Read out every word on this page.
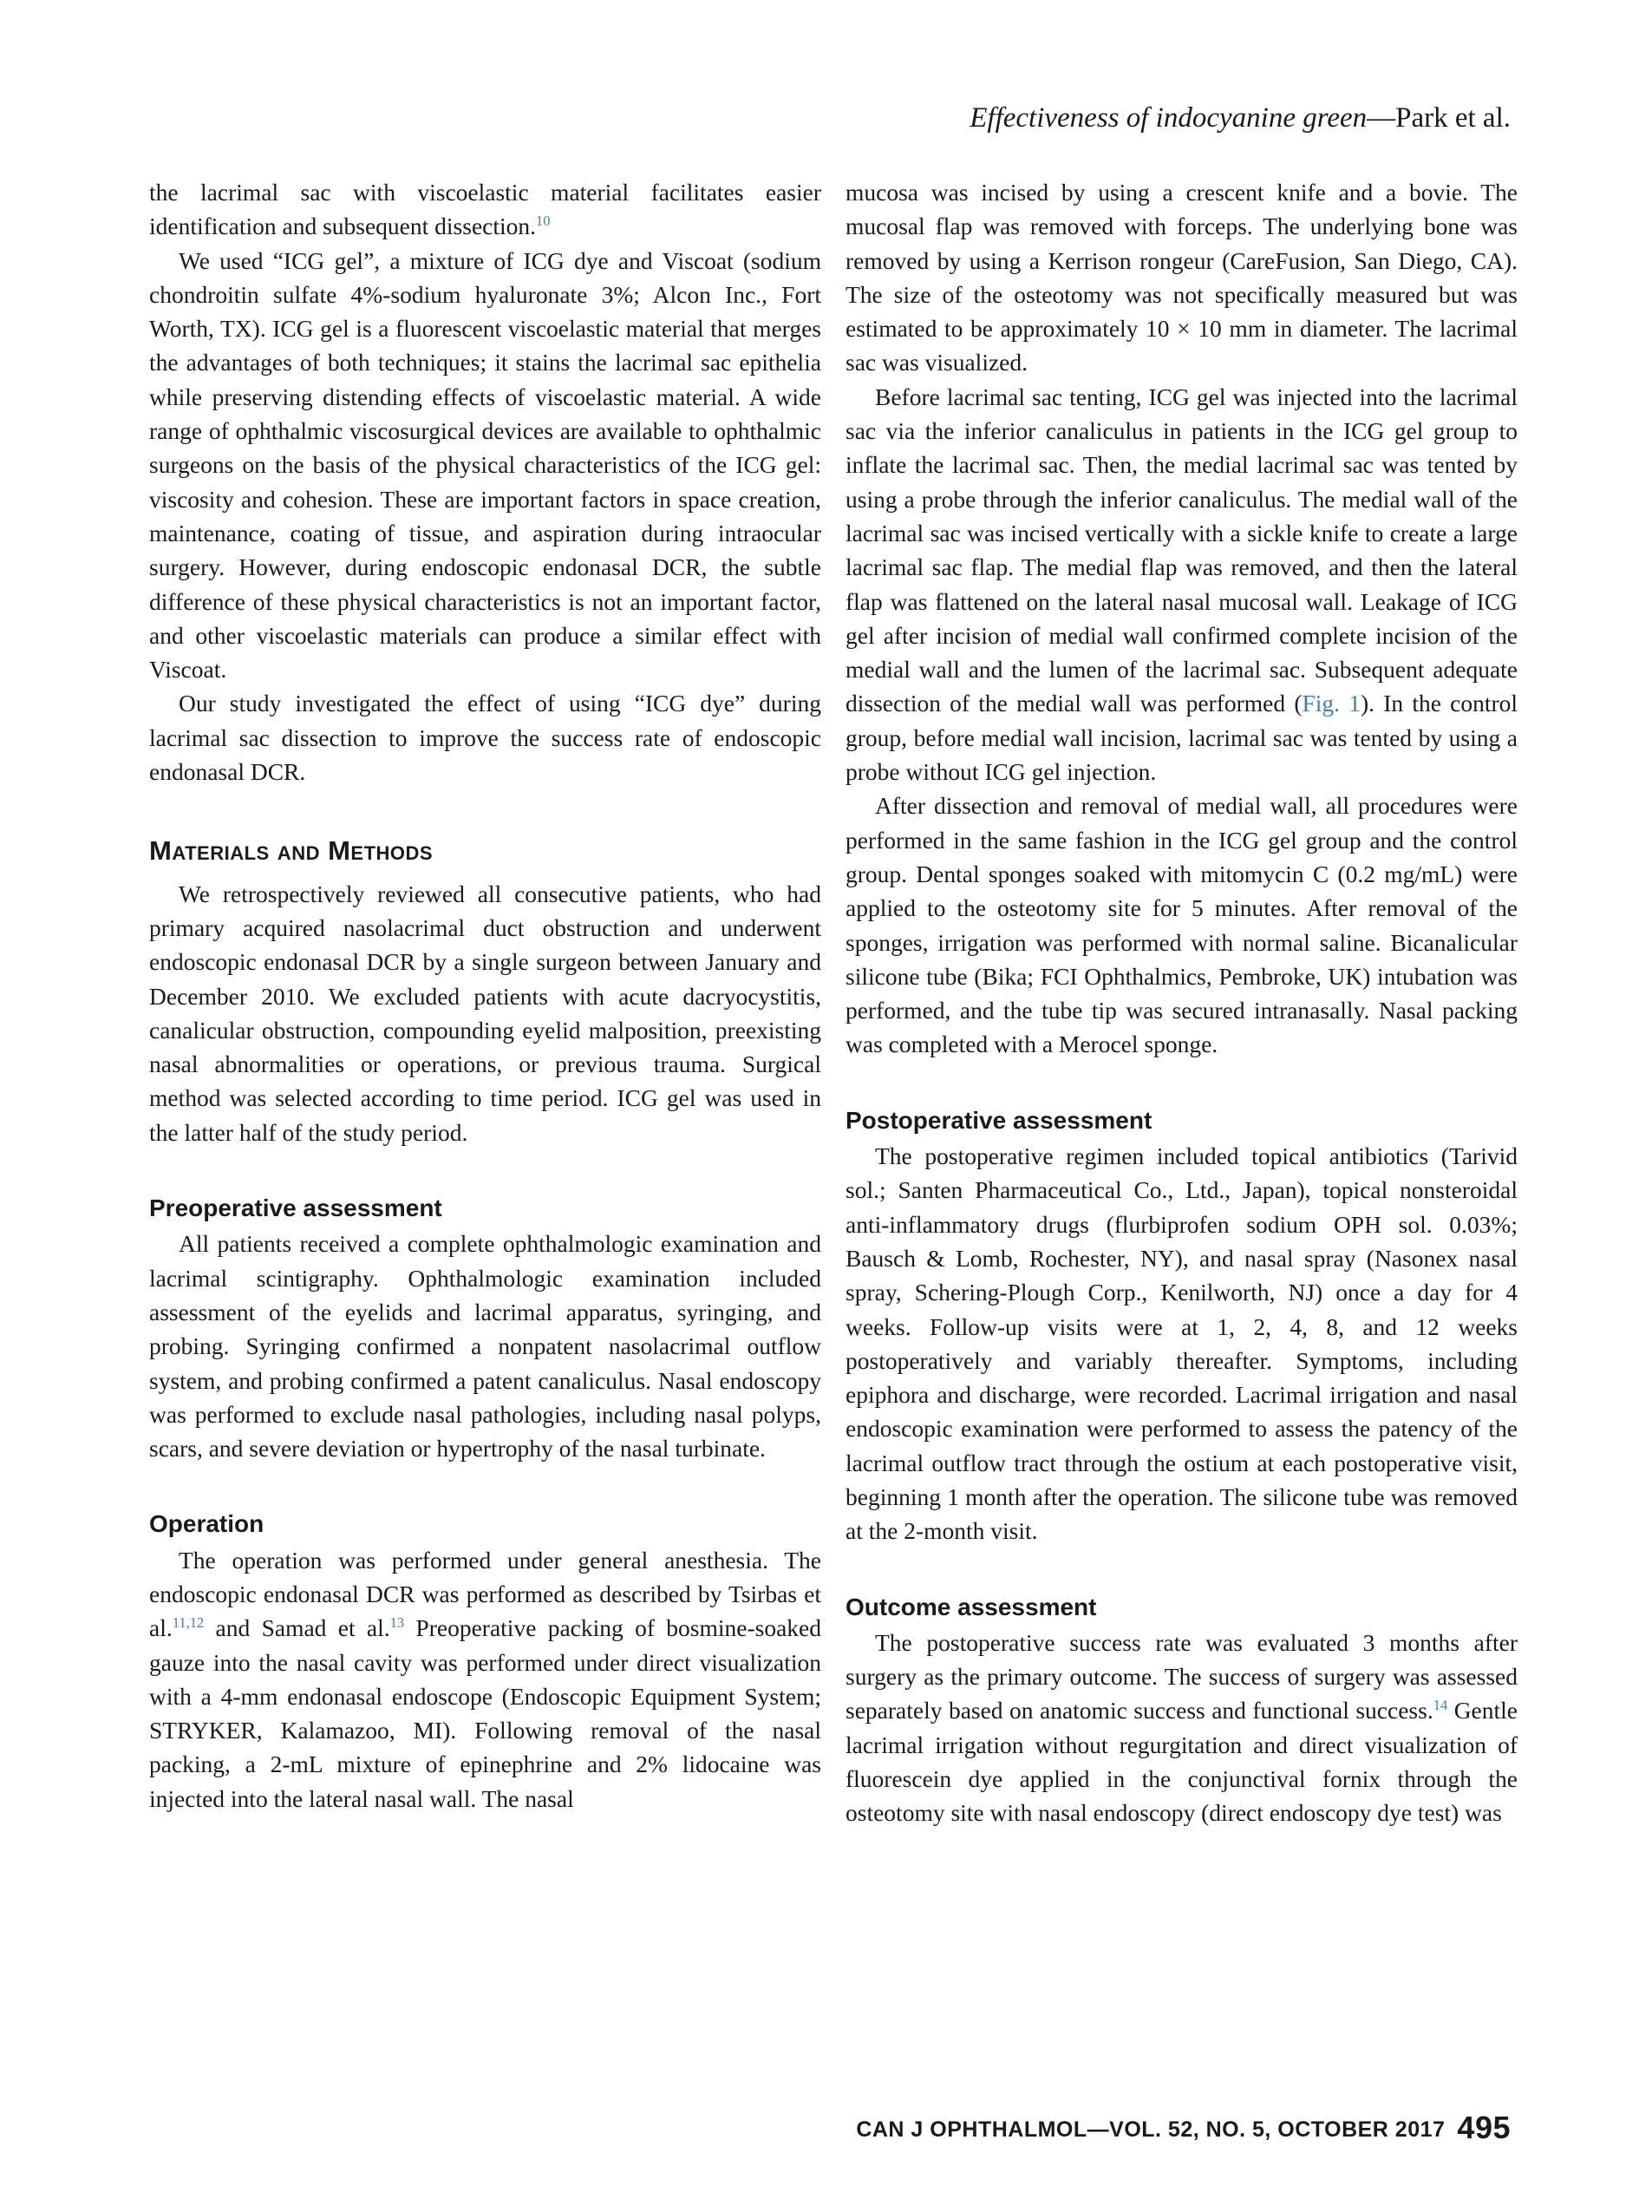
Effectiveness of indocyanine green—Park et al.

the lacrimal sac with viscoelastic material facilitates easier identification and subsequent dissection.$^{10}$

We used “ICG gel”, a mixture of ICG dye and Viscoat (sodium chondroitin sulfate 4%-sodium hyaluronate 3%; Alcon Inc., Fort Worth, TX). ICG gel is a fluorescent viscoelastic material that merges the advantages of both techniques; it stains the lacrimal sac epithelia while preserving distending effects of viscoelastic material. A wide range of ophthalmic viscosurgical devices are available to ophthalmic surgeons on the basis of the physical characteristics of the ICG gel: viscosity and cohesion. These are important factors in space creation, maintenance, coating of tissue, and aspiration during intraocular surgery. However, during endoscopic endonasal DCR, the subtle difference of these physical characteristics is not an important factor, and other viscoelastic materials can produce a similar effect with Viscoat.

Our study investigated the effect of using “ICG dye” during lacrimal sac dissection to improve the success rate of endoscopic endonasal DCR.

Materials and Methods

We retrospectively reviewed all consecutive patients, who had primary acquired nasolacrimal duct obstruction and underwent endoscopic endonasal DCR by a single surgeon between January and December 2010. We excluded patients with acute dacryocystitis, canalicular obstruction, compounding eyelid malposition, preexisting nasal abnormalities or operations, or previous trauma. Surgical method was selected according to time period. ICG gel was used in the latter half of the study period.

Preoperative assessment

All patients received a complete ophthalmologic examination and lacrimal scintigraphy. Ophthalmologic examination included assessment of the eyelids and lacrimal apparatus, syringing, and probing. Syringing confirmed a nonpatent nasolacrimal outflow system, and probing confirmed a patent canaliculus. Nasal endoscopy was performed to exclude nasal pathologies, including nasal polyps, scars, and severe deviation or hypertrophy of the nasal turbinate.

Operation

The operation was performed under general anesthesia. The endoscopic endonasal DCR was performed as described by Tsirbas et al.$^{11,12}$ and Samad et al.$^{13}$ Preoperative packing of bosmine-soaked gauze into the nasal cavity was performed under direct visualization with a 4-mm endonasal endoscope (Endoscopic Equipment System; STRYKER, Kalamazoo, MI). Following removal of the nasal packing, a 2-mL mixture of epinephrine and 2% lidocaine was injected into the lateral nasal wall. The nasal

mucosa was incised by using a crescent knife and a bovie. The mucosal flap was removed with forceps. The underlying bone was removed by using a Kerrison rongeur (CareFusion, San Diego, CA). The size of the osteotomy was not specifically measured but was estimated to be approximately 10 × 10 mm in diameter. The lacrimal sac was visualized.

Before lacrimal sac tenting, ICG gel was injected into the lacrimal sac via the inferior canaliculus in patients in the ICG gel group to inflate the lacrimal sac. Then, the medial lacrimal sac was tented by using a probe through the inferior canaliculus. The medial wall of the lacrimal sac was incised vertically with a sickle knife to create a large lacrimal sac flap. The medial flap was removed, and then the lateral flap was flattened on the lateral nasal mucosal wall. Leakage of ICG gel after incision of medial wall confirmed complete incision of the medial wall and the lumen of the lacrimal sac. Subsequent adequate dissection of the medial wall was performed (Fig. 1). In the control group, before medial wall incision, lacrimal sac was tented by using a probe without ICG gel injection.

After dissection and removal of medial wall, all procedures were performed in the same fashion in the ICG gel group and the control group. Dental sponges soaked with mitomycin C (0.2 mg/mL) were applied to the osteotomy site for 5 minutes. After removal of the sponges, irrigation was performed with normal saline. Bicanalicular silicone tube (Bika; FCI Ophthalmics, Pembroke, UK) intubation was performed, and the tube tip was secured intranasally. Nasal packing was completed with a Merocel sponge.

Postoperative assessment

The postoperative regimen included topical antibiotics (Tarivid sol.; Santen Pharmaceutical Co., Ltd., Japan), topical nonsteroidal anti-inflammatory drugs (flurbiprofen sodium OPH sol. 0.03%; Bausch & Lomb, Rochester, NY), and nasal spray (Nasonex nasal spray, Schering-Plough Corp., Kenilworth, NJ) once a day for 4 weeks. Follow-up visits were at 1, 2, 4, 8, and 12 weeks postoperatively and variably thereafter. Symptoms, including epiphora and discharge, were recorded. Lacrimal irrigation and nasal endoscopic examination were performed to assess the patency of the lacrimal outflow tract through the ostium at each postoperative visit, beginning 1 month after the operation. The silicone tube was removed at the 2-month visit.

Outcome assessment

The postoperative success rate was evaluated 3 months after surgery as the primary outcome. The success of surgery was assessed separately based on anatomic success and functional success.$^{14}$ Gentle lacrimal irrigation without regurgitation and direct visualization of fluorescein dye applied in the conjunctival fornix through the osteotomy site with nasal endoscopy (direct endoscopy dye test) was

CAN J OPHTHALMOL—VOL. 52, NO. 5, OCTOBER 2017 495
